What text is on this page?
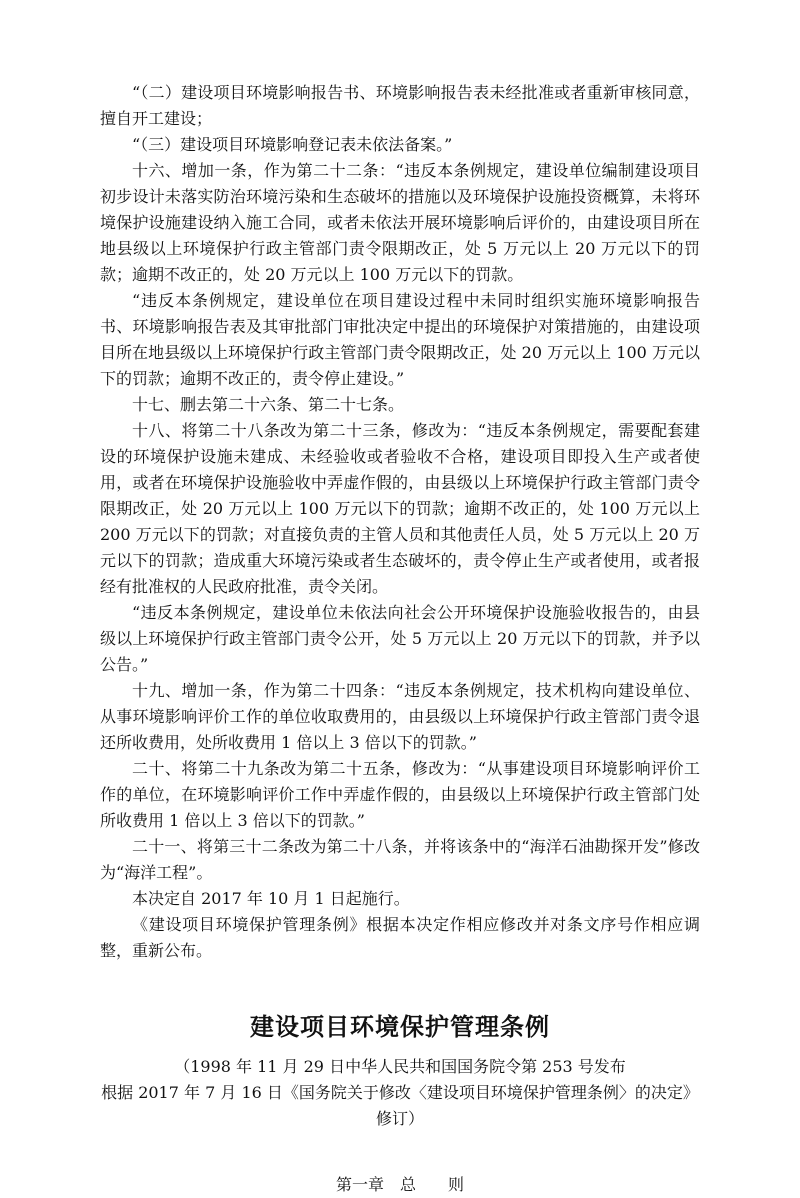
“（二）建设项目环境影响报告书、环境影响报告表未经批准或者重新审核同意，擅自开工建设；

“（三）建设项目环境影响登记表未依法备案。”

十六、增加一条，作为第二十二条：“违反本条例规定，建设单位编制建设项目初步设计未落实防治环境污染和生态破坏的措施以及环境保护设施投资概算，未将环境保护设施建设纳入施工合同，或者未依法开展环境影响后评价的，由建设项目所在地县级以上环境保护行政主管部门责令限期改正，处 5 万元以上 20 万元以下的罚款；逾期不改正的，处 20 万元以上 100 万元以下的罚款。

“违反本条例规定，建设单位在项目建设过程中未同时组织实施环境影响报告书、环境影响报告表及其审批部门审批决定中提出的环境保护对策措施的，由建设项目所在地县级以上环境保护行政主管部门责令限期改正，处 20 万元以上 100 万元以下的罚款；逾期不改正的，责令停止建设。”

十七、删去第二十六条、第二十七条。

十八、将第二十八条改为第二十三条，修改为：“违反本条例规定，需要配套建设的环境保护设施未建成、未经验收或者验收不合格，建设项目即投入生产或者使用，或者在环境保护设施验收中弄虚作假的，由县级以上环境保护行政主管部门责令限期改正，处 20 万元以上 100 万元以下的罚款；逾期不改正的，处 100 万元以上 200 万元以下的罚款；对直接负责的主管人员和其他责任人员，处 5 万元以上 20 万元以下的罚款；造成重大环境污染或者生态破坏的，责令停止生产或者使用，或者报经有批准权的人民政府批准，责令关闭。

“违反本条例规定，建设单位未依法向社会公开环境保护设施验收报告的，由县级以上环境保护行政主管部门责令公开，处 5 万元以上 20 万元以下的罚款，并予以公告。”

十九、增加一条，作为第二十四条：“违反本条例规定，技术机构向建设单位、从事环境影响评价工作的单位收取费用的，由县级以上环境保护行政主管部门责令退还所收费用，处所收费用 1 倍以上 3 倍以下的罚款。”

二十、将第二十九条改为第二十五条，修改为：“从事建设项目环境影响评价工作的单位，在环境影响评价工作中弄虚作假的，由县级以上环境保护行政主管部门处所收费用 1 倍以上 3 倍以下的罚款。”

二十一、将第三十二条改为第二十八条，并将该条中的“海洋石油勘探开发”修改为“海洋工程”。

本决定自 2017 年 10 月 1 日起施行。

《建设项目环境保护管理条例》根据本决定作相应修改并对条文序号作相应调整，重新公布。

建设项目环境保护管理条例

（1998 年 11 月 29 日中华人民共和国国务院令第 253 号发布

根据 2017 年 7 月 16 日《国务院关于修改〈建设项目环境保护管理条例〉的决定》修订）

第一章　总　　则
